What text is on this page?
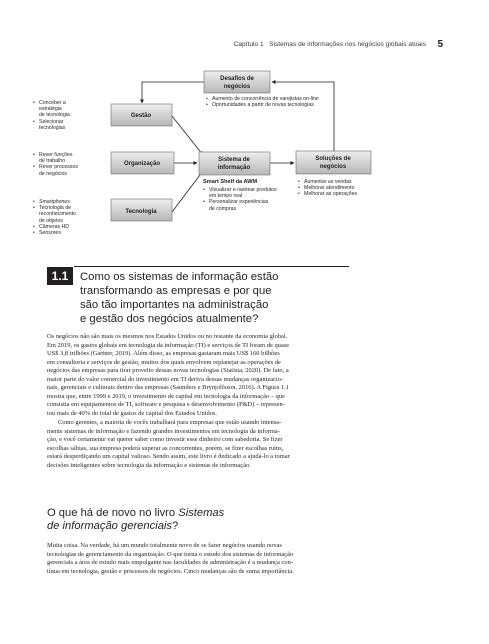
Capítulo 1 Sistemas de informações nos negócios globais atuais 5
Desafios de
negócios
Gestão
Organização
Tecnologia
Sistema de
informação
Soluções de
negócios
• Aumento de concorrência de varejistas on-line
• Oportunidades a partir de novas tecnologias
• Conceber a
estratégia
de tecnologia
• Selecionar
tecnologias
• Rever funções
de trabalho
• Rever processos
de negócios
• Smartphones
• Tecnologia de
reconhecimento
de objetos
• Câmeras HD
• Sensores
Smart Shelf da AWM
• Visualizar e rastrear produtos
em tempo real
• Personalizar experiências
de compras
• Aumentar as vendas
• Melhorar atendimento
• Melhorar as operações
1.1	Como os sistemas de informação estão
transformando as empresas e por que
são tão importantes na administração
e gestão dos negócios atualmente?
Os negócios não são mais os mesmos nos Estados Unidos ou no restante da economia global.
Em 2019, os gastos globais em tecnologia da informação (TI) e serviços de TI foram de quase
US$ 3,8 trilhões (Gartner, 2019). Além disso, as empresas gastaram mais US$ 160 bilhões
em consultoria e serviços de gestão, muitos dos quais envolvem replanejar as operações de
negócios das empresas para tirar proveito dessas novas tecnologias (Statista, 2020). De fato, a
maior parte do valor comercial do investimento em TI deriva dessas mudanças organizacio-
nais, gerenciais e culturais dentro das empresas (Saunders e Brynjolfsson, 2016). A Figura 1.1
mostra que, entre 1999 e 2019, o investimento de capital em tecnologia da informação – que
consistia em equipamentos de TI, software e pesquisa e desenvolvimento (P&D) – represen-
tou mais de 40% do total de gastos de capital dos Estados Unidos.
Como gerentes, a maioria de vocês trabalhará para empresas que estão usando intensa-
mente sistemas de informação e fazendo grandes investimentos em tecnologia da informa-
ção, e você certamente vai querer saber como investir esse dinheiro com sabedoria. Se fizer
escolhas sábias, sua empresa poderá superar as concorrentes, porém, se fizer escolhas ruins,
estará desperdiçando um capital valioso. Sendo assim, este livro é dedicado a ajudá-lo a tomar
decisões inteligentes sobre tecnologia da informação e sistemas de informação.
O que há de novo no livro Sistemas
de informação gerenciais?
Muita coisa. Na verdade, há um mundo totalmente novo de se fazer negócios usando novas
tecnologias de gerenciamento da organização. O que torna o estudo dos sistemas de informação
gerenciais a área de estudo mais empolgante nas faculdades de administração é a mudança con-
tínua em tecnologia, gestão e processos de negócios. Cinco mudanças são de suma importância.
